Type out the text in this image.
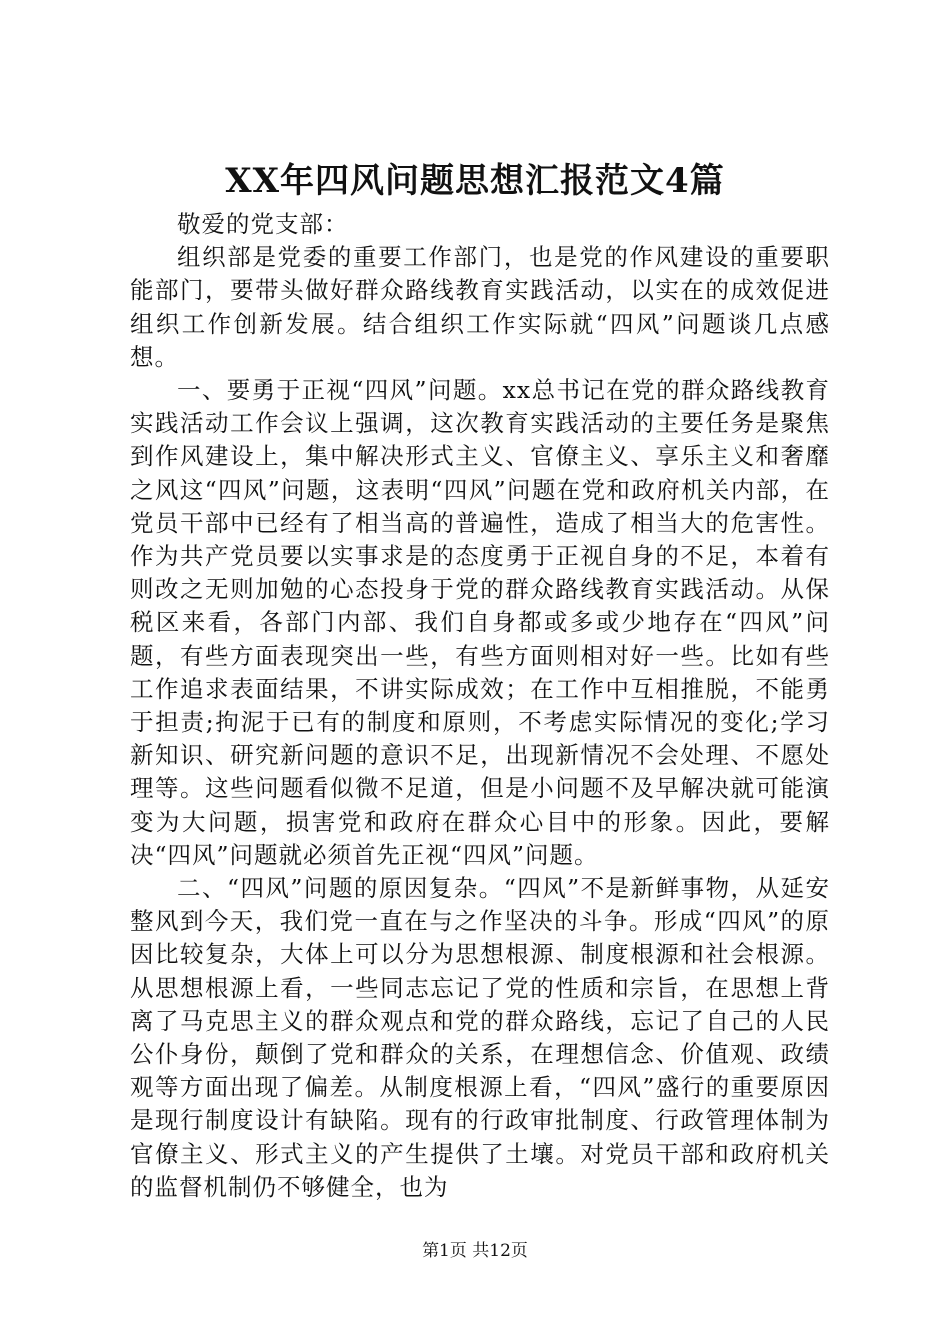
XX年四风问题思想汇报范文4篇

敬爱的党支部：

组织部是党委的重要工作部门，也是党的作风建设的重要职能部门，要带头做好群众路线教育实践活动，以实在的成效促进组织工作创新发展。结合组织工作实际就“四风”问题谈几点感想。

一、要勇于正视“四风”问题。xx总书记在党的群众路线教育实践活动工作会议上强调，这次教育实践活动的主要任务是聚焦到作风建设上，集中解决形式主义、官僚主义、享乐主义和奢靡之风这“四风”问题，这表明“四风”问题在党和政府机关内部，在党员干部中已经有了相当高的普遍性，造成了相当大的危害性。作为共产党员要以实事求是的态度勇于正视自身的不足，本着有则改之无则加勉的心态投身于党的群众路线教育实践活动。从保税区来看，各部门内部、我们自身都或多或少地存在“四风”问题，有些方面表现突出一些，有些方面则相对好一些。比如有些工作追求表面结果，不讲实际成效；在工作中互相推脱，不能勇于担责;拘泥于已有的制度和原则，不考虑实际情况的变化;学习新知识、研究新问题的意识不足，出现新情况不会处理、不愿处理等。这些问题看似微不足道，但是小问题不及早解决就可能演变为大问题，损害党和政府在群众心目中的形象。因此，要解决“四风”问题就必须首先正视“四风”问题。

二、“四风”问题的原因复杂。“四风”不是新鲜事物，从延安整风到今天，我们党一直在与之作坚决的斗争。形成“四风”的原因比较复杂，大体上可以分为思想根源、制度根源和社会根源。从思想根源上看，一些同志忘记了党的性质和宗旨，在思想上背离了马克思主义的群众观点和党的群众路线，忘记了自己的人民公仆身份，颠倒了党和群众的关系，在理想信念、价值观、政绩观等方面出现了偏差。从制度根源上看，“四风”盛行的重要原因是现行制度设计有缺陷。现有的行政审批制度、行政管理体制为官僚主义、形式主义的产生提供了土壤。对党员干部和政府机关的监督机制仍不够健全，也为

第1页 共12页
